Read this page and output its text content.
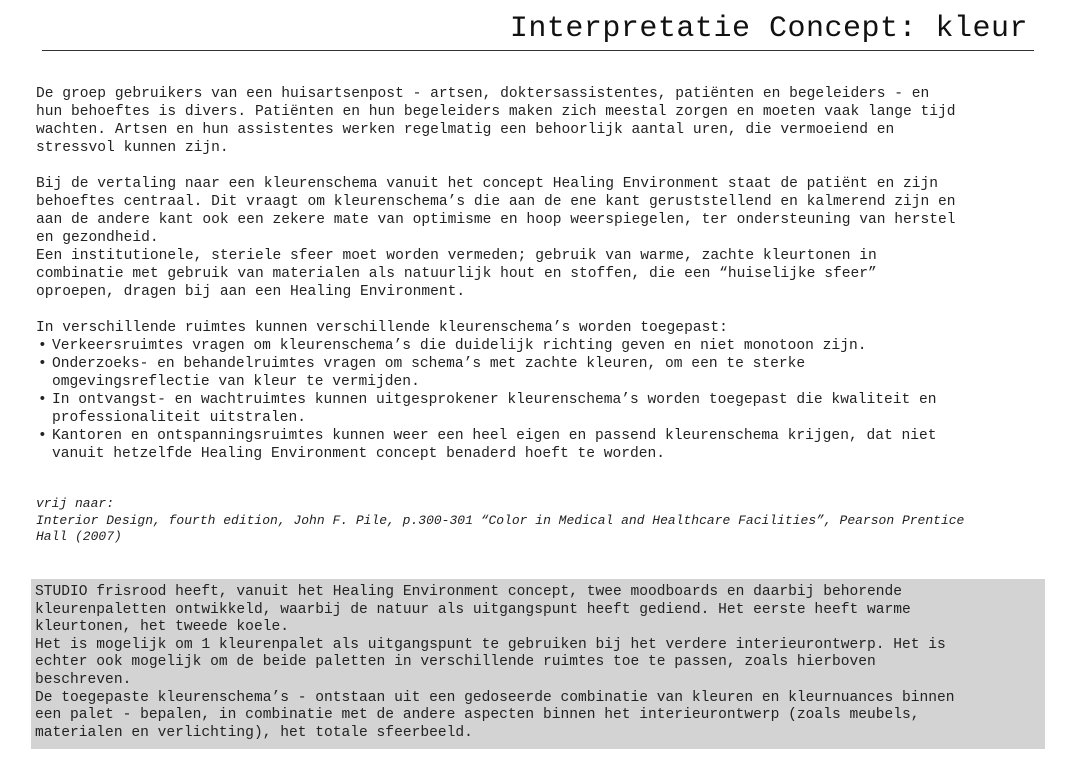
Interpretatie Concept: kleur

De groep gebruikers van een huisartsenpost - artsen, doktersassistentes, patiënten en begeleiders - en

hun behoeftes is divers. Patiënten en hun begeleiders maken zich meestal zorgen en moeten vaak lange tijd

wachten. Artsen en hun assistentes werken regelmatig een behoorlijk aantal uren, die vermoeiend en

stressvol kunnen zijn.

Bij de vertaling naar een kleurenschema vanuit het concept Healing Environment staat de patiënt en zijn

behoeftes centraal. Dit vraagt om kleurenschema’s die aan de ene kant geruststellend en kalmerend zijn en

aan de andere kant ook een zekere mate van optimisme en hoop weerspiegelen, ter ondersteuning van herstel

en gezondheid.

Een institutionele, steriele sfeer moet worden vermeden; gebruik van warme, zachte kleurtonen in

combinatie met gebruik van materialen als natuurlijk hout en stoffen, die een “huiselijke sfeer”

oproepen, dragen bij aan een Healing Environment.

In verschillende ruimtes kunnen verschillende kleurenschema’s worden toegepast:

• Verkeersruimtes vragen om kleurenschema’s die duidelijk richting geven en niet monotoon zijn.
• Onderzoeks- en behandelruimtes vragen om schema’s met zachte kleuren, om een te sterke
omgevingsreflectie van kleur te vermijden.
• In ontvangst- en wachtruimtes kunnen uitgesprokener kleurenschema’s worden toegepast die kwaliteit en
professionaliteit uitstralen.
• Kantoren en ontspanningsruimtes kunnen weer een heel eigen en passend kleurenschema krijgen, dat niet
vanuit hetzelfde Healing Environment concept benaderd hoeft te worden.

vrij naar:

Interior Design, fourth edition, John F. Pile, p.300-301 “Color in Medical and Healthcare Facilities”, Pearson Prentice

Hall (2007)

STUDIO frisrood heeft, vanuit het Healing Environment concept, twee moodboards en daarbij behorende

kleurenpaletten ontwikkeld, waarbij de natuur als uitgangspunt heeft gediend. Het eerste heeft warme

kleurtonen, het tweede koele.

Het is mogelijk om 1 kleurenpalet als uitgangspunt te gebruiken bij het verdere interieurontwerp. Het is

echter ook mogelijk om de beide paletten in verschillende ruimtes toe te passen, zoals hierboven

beschreven.

De toegepaste kleurenschema’s - ontstaan uit een gedoseerde combinatie van kleuren en kleurnuances binnen

een palet - bepalen, in combinatie met de andere aspecten binnen het interieurontwerp (zoals meubels,

materialen en verlichting), het totale sfeerbeeld.
